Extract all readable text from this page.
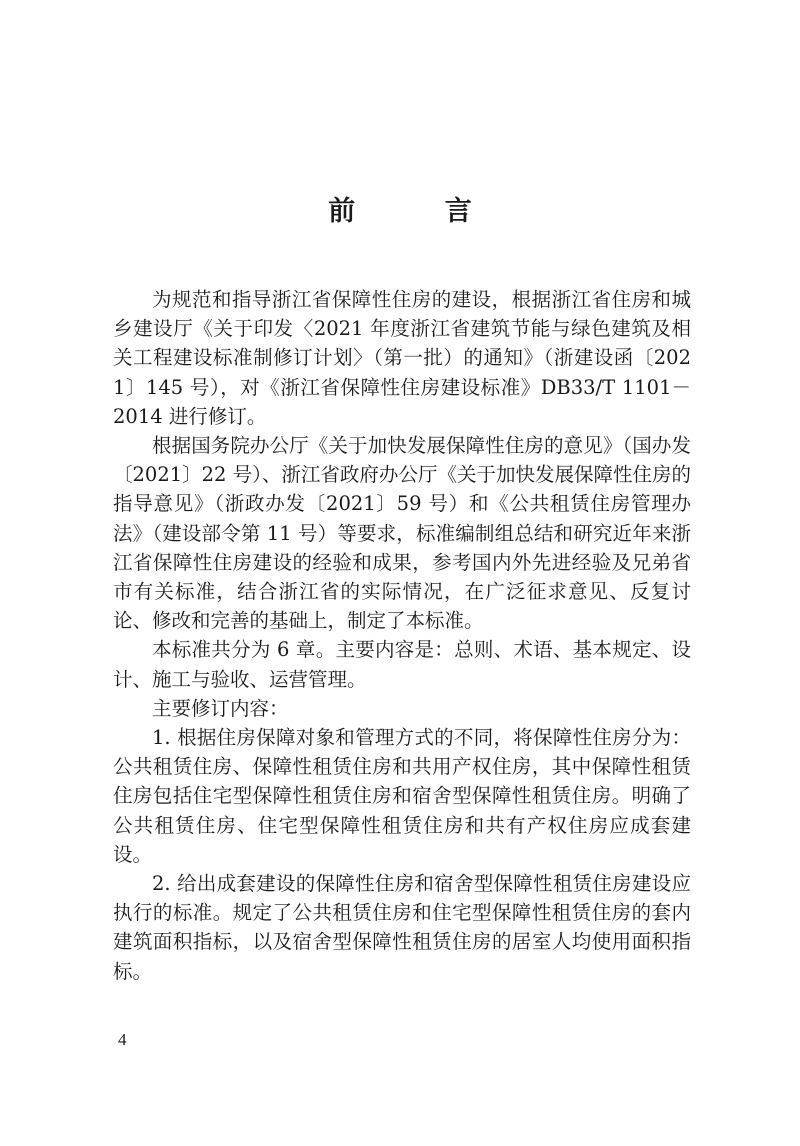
前 言

为规范和指导浙江省保障性住房的建设，根据浙江省住房和城乡建设厅《关于印发〈2021 年度浙江省建筑节能与绿色建筑及相关工程建设标准制修订计划〉（第一批）的通知》（浙建设函〔2021〕145 号），对《浙江省保障性住房建设标准》DB33/T 1101－2014 进行修订。

根据国务院办公厅《关于加快发展保障性住房的意见》（国办发〔2021〕22 号）、浙江省政府办公厅《关于加快发展保障性住房的指导意见》（浙政办发〔2021〕59 号）和《公共租赁住房管理办法》（建设部令第 11 号）等要求，标准编制组总结和研究近年来浙江省保障性住房建设的经验和成果，参考国内外先进经验及兄弟省市有关标准，结合浙江省的实际情况，在广泛征求意见、反复讨论、修改和完善的基础上，制定了本标准。

本标准共分为 6 章。主要内容是：总则、术语、基本规定、设计、施工与验收、运营管理。

主要修订内容：

1. 根据住房保障对象和管理方式的不同，将保障性住房分为：公共租赁住房、保障性租赁住房和共用产权住房，其中保障性租赁住房包括住宅型保障性租赁住房和宿舍型保障性租赁住房。明确了公共租赁住房、住宅型保障性租赁住房和共有产权住房应成套建设。

2. 给出成套建设的保障性住房和宿舍型保障性租赁住房建设应执行的标准。规定了公共租赁住房和住宅型保障性租赁住房的套内建筑面积指标，以及宿舍型保障性租赁住房的居室人均使用面积指标。

4
